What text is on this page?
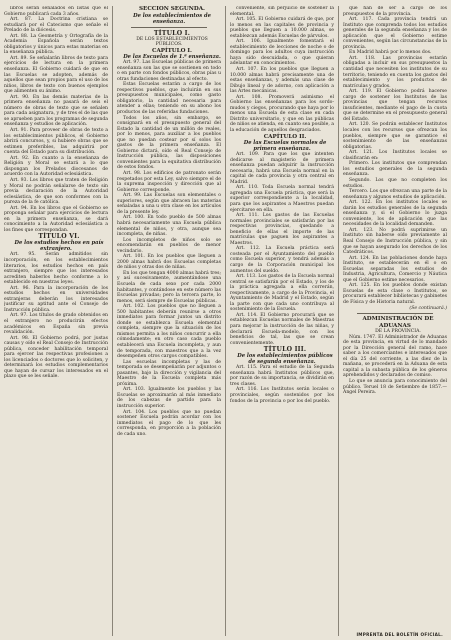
libros serán señalados en listas que el Gobierno publicará cada 3 años.

Art. 87. La Doctrina cristiana se estudiará por el Catecismo que señale el Prelado de la diócesis.

Art. 88. La Geometría y Ortografía de la Academia Española serán textos obligatorios y únicos para estas materias en la enseñanza pública.

Art. 89. Se señalarán libros de texto para ejercicios de lectura en la primera enseñanza. El Gobierno cuidará de que en las Escuelas se adopten, además de aquellos que sean propios para el uso de los niños, libros de texto con buenos ejemplos que alimenten su ánimo.

Art. 90. En las demás materias de la primera enseñanza no pasará de seis el número de obras de texto que se señalen para cada asignatura, y de tres el de las que se aprueben para los programas de segunda enseñanza y estudios de aplicación.

Art. 91. Para proveer de obras de texto a los establecimientos públicos, el Gobierno abrirá concursos, y, si hubiere obras que se estimen preferibles, las adquirirá por cuenta del Estado para su distribución.

Art. 92. En cuanto a la enseñanza de Religión y Moral se estará a lo que dispongan los Prelados diocesanos de acuerdo con la Autoridad eclesiástica.

Art. 93. Los libros que traten de Religión y Moral no podrán señalarse de texto sin previa declaración de la Autoridad eclesiástica, de que son conformes con la pureza de la fe católica.

Art. 94. En los libros que el Gobierno se proponga señalar para ejercicios de lectura en la primera enseñanza, se dará conocimiento a la Autoridad eclesiástica a los fines que correspondan.

TÍTULO VI.

De los estudios hechos en país extranjero.

Art. 95. Serán admitidos sin incorporación, en los establecimientos literarios, los estudios hechos en país extranjero, siempre que los interesados acrediten haberlos hecho conforme a lo establecido en nuestras leyes.

Art. 96. Para la incorporación de los estudios hechos en universidades extranjeras deberán los interesados justificar su aptitud ante el Consejo de Instrucción pública.

Art. 97. Los títulos de grado obtenidos en el extranjero no producirán efectos académicos en España sin previa revalidación.

Art. 98. El Gobierno podrá, por justas causas y oído el Real Consejo de Instrucción pública, conceder habilitación temporal para ejercer las respectivas profesiones a los licenciados o doctores que lo soliciten, y determinará los estudios complementarios que hayan de cursar los interesados en el plazo que se les señale.

SECCIÓN SEGUNDA.

De los establecimientos de enseñanza.

TÍTULO I.

DE LOS ESTABLECIMIENTOS PÚBLICOS.

CAPÍTULO I.

De las Escuelas de 1.ª enseñanza.

Art. 97. Las Escuelas públicas de primera enseñanza son las que se sostienen en todo o en parte con fondos públicos, obras pías u otras fundaciones destinadas al efecto.

Estas Escuelas estarán a cargo de los respectivos pueblos, que incluirán en sus presupuestos municipales, como gasto obligatorio, la cantidad necesaria para atender a ellas; teniendo en su abono los productos de las referidas fundaciones.

Todos los años, sin embargo, se consignará en el presupuesto general del Estado la cantidad de un millón de reales, por lo menos, para auxiliar a los pueblos que no puedan costear por sí solos los gastos de la primera enseñanza. El Gobierno dictará, oído el Real Consejo de Instrucción pública, las disposiciones convenientes para la equitativa distribución de estos fondos.

Art. 98. Los edificios de patronato serán respetados por esta Ley, salvo siempre el de la suprema inspección y dirección que al Gobierno corresponde.

Art. 99. Las Escuelas son elementales o superiores, según que abracen las materias señaladas a una u otra clase en los artículos de la presente ley.

Art. 100. En todo pueblo de 500 almas habrá necesariamente una Escuela pública elemental de niños, y otra, aunque sea incompleta, de niñas.

Los incompletos de niños solo se encomendarán en pueblos de menor vecindario.

Art. 101. En los pueblos que lleguen a 2000 almas habrá dos Escuelas completas de niños y otras dos de niñas.

En los que tengan 4000 almas habrá tres; y así sucesivamente, aumentándose una Escuela de cada sexo por cada 2000 habitantes, y contándose en este número las Escuelas privadas; pero la tercera parte, lo menos, será siempre de Escuelas públicas.

Art. 102. Los pueblos que no lleguen a 500 habitantes deberán reunirse a otros inmediatos para formar juntos un distrito donde se establezca Escuela elemental completa, siempre que la situación de los mismos permita a los niños concurrir a ella cómodamente; en otro caso cada pueblo establecerá una Escuela incompleta, y aun de temporada, con maestros que a la vez desempeñen otros cargos compatibles.

Las escuelas incompletas y las de temporada se desempeñarán por adjuntos o pasantes, bajo la dirección y vigilancia del Maestro de la Escuela completa más próxima.

Art. 103. Igualmente los pueblos y las Escuelas se aproximarán al más inmediato de los cabezas de partido para la instrucción superior.

Art. 104. Los pueblos que no puedan sostener Escuela podrán acordar con los inmediatos el pago de lo que les corresponda, en proporción a la población de cada uno.

conveniente, sin perjuicio de sostener la elemental.

Art. 105. El Gobierno cuidará de que, por lo menos en las capitales de provincia y pueblos que lleguen a 10.000 almas, se establezcan además Escuelas de párvulos.

Art. 106. Igualmente fomentará el establecimiento de lecciones de noche o de domingo para los adultos cuya instrucción haya sido descuidada, o que quieran adelantar en conocimientos.

Art. 107. En los pueblos que lleguen a 10.000 almas habrá precisamente una de estas enseñanzas, y además una clase de Dibujo lineal y de adorno, con aplicación a las Artes mecánicas.

Art. 108. Promoverá asimismo el Gobierno las enseñanzas para los sordo-mudos y ciegos, procurando que haya por lo menos una Escuela de esta clase en cada Distrito universitario, y que en las públicas de niños se atienda, en cuanto sea posible, a la educación de aquellos desgraciados.

CAPÍTULO II.

De las Escuelas normales de primera enseñanza.

Art. 109. Para que los que intenten dedicarse al magisterio de primera enseñanza puedan adquirir la instrucción necesaria, habrá una Escuela normal en la capital de cada provincia y otra central en Madrid.

Art. 110. Toda Escuela normal tendrá agregada una Escuela práctica, que será la superior correspondiente a la localidad, para que los aspirantes a Maestros puedan ejercitarse en ella.

Art. 111. Los gastos de las Escuelas normales provinciales se satisfarán por las respectivas provincias, quedando a beneficio de ellas el importe de las matrículas que paguen los aspirantes a Maestros.

Art. 112. La Escuela práctica será costeada por el Ayuntamiento del pueblo como Escuela superior, y tendrá además a cargo de la Corporación municipal los aumentos del sueldo.

Art. 113. Los gastos de la Escuela normal central se satisfarán por el Estado, y los de la práctica agregada a ella correrán, respectivamente, a cargo de la Provincia, el Ayuntamiento de Madrid y el Estado, según la parte con que cada uno contribuya al sostenimiento de la Escuela.

Art. 114. El Gobierno procurará que se establezcan Escuelas normales de Maestras para mejorar la instrucción de las niñas, y declarará Escuela-modelo, con los beneficios de tal, las que se crean convenientemente.

TÍTULO III.

De los establecimientos públicos de segunda enseñanza.

Art. 115. Para el estudio de la Segunda enseñanza habrá Institutos públicos que, por razón de su importancia, se dividirán en tres clases.

Art. 116. Los Institutos serán locales o provinciales, según sostenidos por los fondos de la provincia o por los del pueblo.

que han de ser a cargo de los presupuestos de la provincia.

Art. 117. Cada provincia tendrá un Instituto que comprenda todos los estudios generales de la segunda enseñanza y los de aplicación que el Gobierno estime convenientes, según las circunstancias de la provincia.

En Madrid habrá por lo menos dos.

Art. 118. Las provincias estarán obligadas a incluir en sus presupuestos la cantidad que necesiten los institutos de su territorio, teniendo en cuenta los gastos del establecimiento y los productos de matrículas y grados.

Art. 119. El Gobierno podrá hacerse cargo de sostener los Institutos de las provincias que tengan recursos insuficientes, mediante el pago de la cuota que se determine en el presupuesto general del Estado.

Art. 120. Se podrán establecer Institutos locales con los recursos que ofrezcan los pueblos, siempre que se garantice el sostenimiento de las enseñanzas obligatorias.

Art. 121. Los Institutos locales se clasificarán en:

Primero. Los institutos que comprendan los estudios generales de la segunda enseñanza.

Segundo. Los que no completen los estudios.

Tercero. Los que ofrezcan una parte de la enseñanza y algunos estudios de aplicación.

Art. 122. En los institutos locales se darán los estudios generales de la segunda enseñanza y, si el Gobierno lo juzga conveniente, los de aplicación que las necesidades de la localidad demanden.

Art. 123. No podrá suprimirse un Instituto sin haberse oído previamente al Real Consejo de Instrucción pública, y sin que se hayan asegurado los derechos de los Catedráticos.

Art. 124. En las poblaciones donde haya Instituto, se establecerán en él o en Escuelas separadas los estudios de Industria, Agricultura, Comercio y Náutica que el Gobierno estime necesarios.

Art. 125. En los pueblos donde existan Escuelas de esta clase o Institutos, se procurará establecer bibliotecas y gabinetes de Física y de Historia natural.

(Se continuará.)

ADMINISTRACIÓN DE ADUANAS

DE LA PROVINCIA.

Núm. 1747. El Administrador de Aduanas de esta provincia, en virtud de lo mandado por la Dirección general del ramo, hace saber a los comerciantes e interesados que el día 25 del corriente, a las diez de la mañana, se procederá en la Aduana de esta capital a la subasta pública de los géneros aprehendidos y declarados de comiso.

Lo que se anuncia para conocimiento del público. Teruel 18 de Setiembre de 1857.—Ángel Pereira.

IMPRENTA DEL BOLETÍN OFICIAL.
